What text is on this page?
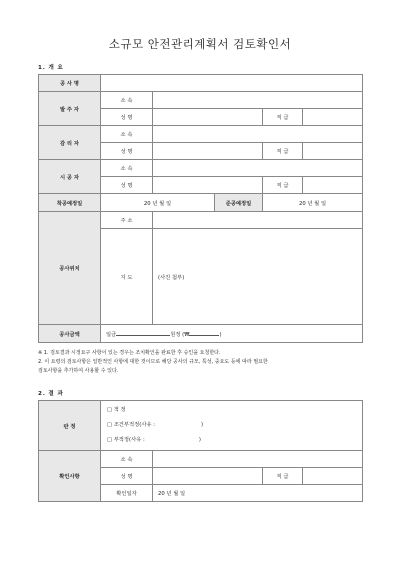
소규모 안전관리계획서 검토확인서
1. 개 요
공 사 명					
발 주 자	소 속				
	성 명			직 급	
감 리 자	소 속				
	성 명			직 급	
시 공 자	소 속				
	성 명			직 급	
착공예정일	20 년 월 일		준공예정일	20 년 월 일	
공사위치	주 소				
	지 도	(사진 첨부)			
공사금액	일금 원정 (₩ )				
※ 1. 검토결과 시정요구 사항이 있는 경우는 조치확인을 완료한 후 승인을 요청한다.
2. 이 요령의 검토사항은 일반적인 사항에 대한 것이므로 해당 공사의 규모, 특성, 중요도 등에 따라 필요한
검토사항을 추가하여 사용할 수 있다.
2. 결 과
판 정	□ 적 정
□ 조건부적정(사유 : )
□ 부적정(사유 : )			

확인사항	소 속			
	성 명		직 급	
	확인일자	20 년 월 일		
